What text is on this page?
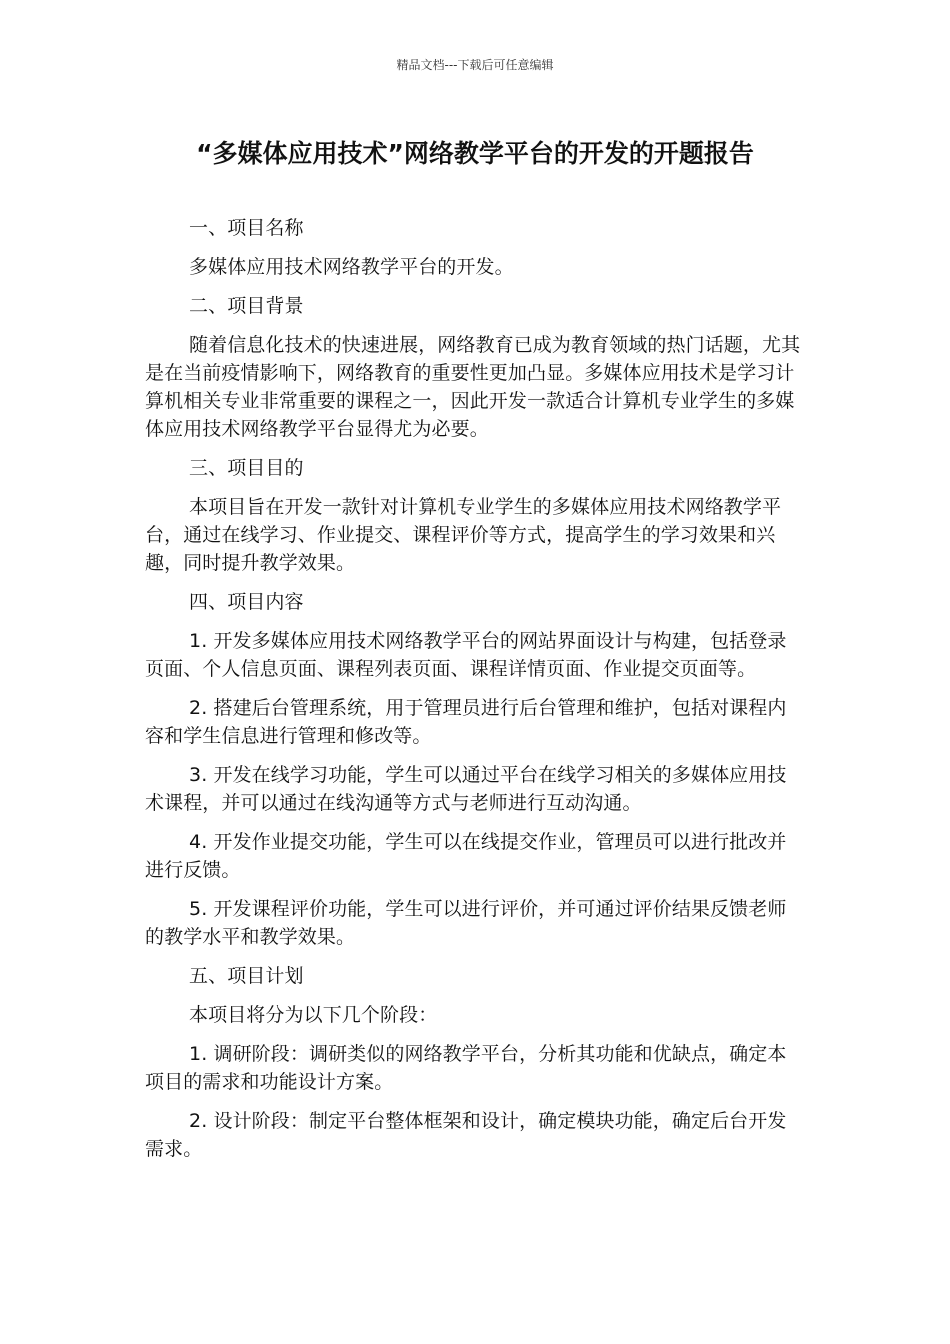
精品文档---下载后可任意编辑
“多媒体应用技术”网络教学平台的开发的开题报告

一、项目名称

多媒体应用技术网络教学平台的开发。

二、项目背景

随着信息化技术的快速进展，网络教育已成为教育领域的热门话题，尤其是在当前疫情影响下，网络教育的重要性更加凸显。多媒体应用技术是学习计算机相关专业非常重要的课程之一，因此开发一款适合计算机专业学生的多媒体应用技术网络教学平台显得尤为必要。

三、项目目的

本项目旨在开发一款针对计算机专业学生的多媒体应用技术网络教学平台，通过在线学习、作业提交、课程评价等方式，提高学生的学习效果和兴趣，同时提升教学效果。

四、项目内容

1. 开发多媒体应用技术网络教学平台的网站界面设计与构建，包括登录页面、个人信息页面、课程列表页面、课程详情页面、作业提交页面等。

2. 搭建后台管理系统，用于管理员进行后台管理和维护，包括对课程内容和学生信息进行管理和修改等。

3. 开发在线学习功能，学生可以通过平台在线学习相关的多媒体应用技术课程，并可以通过在线沟通等方式与老师进行互动沟通。

4. 开发作业提交功能，学生可以在线提交作业，管理员可以进行批改并进行反馈。

5. 开发课程评价功能，学生可以进行评价，并可通过评价结果反馈老师的教学水平和教学效果。

五、项目计划

本项目将分为以下几个阶段：

1. 调研阶段：调研类似的网络教学平台，分析其功能和优缺点，确定本项目的需求和功能设计方案。

2. 设计阶段：制定平台整体框架和设计，确定模块功能，确定后台开发需求。
